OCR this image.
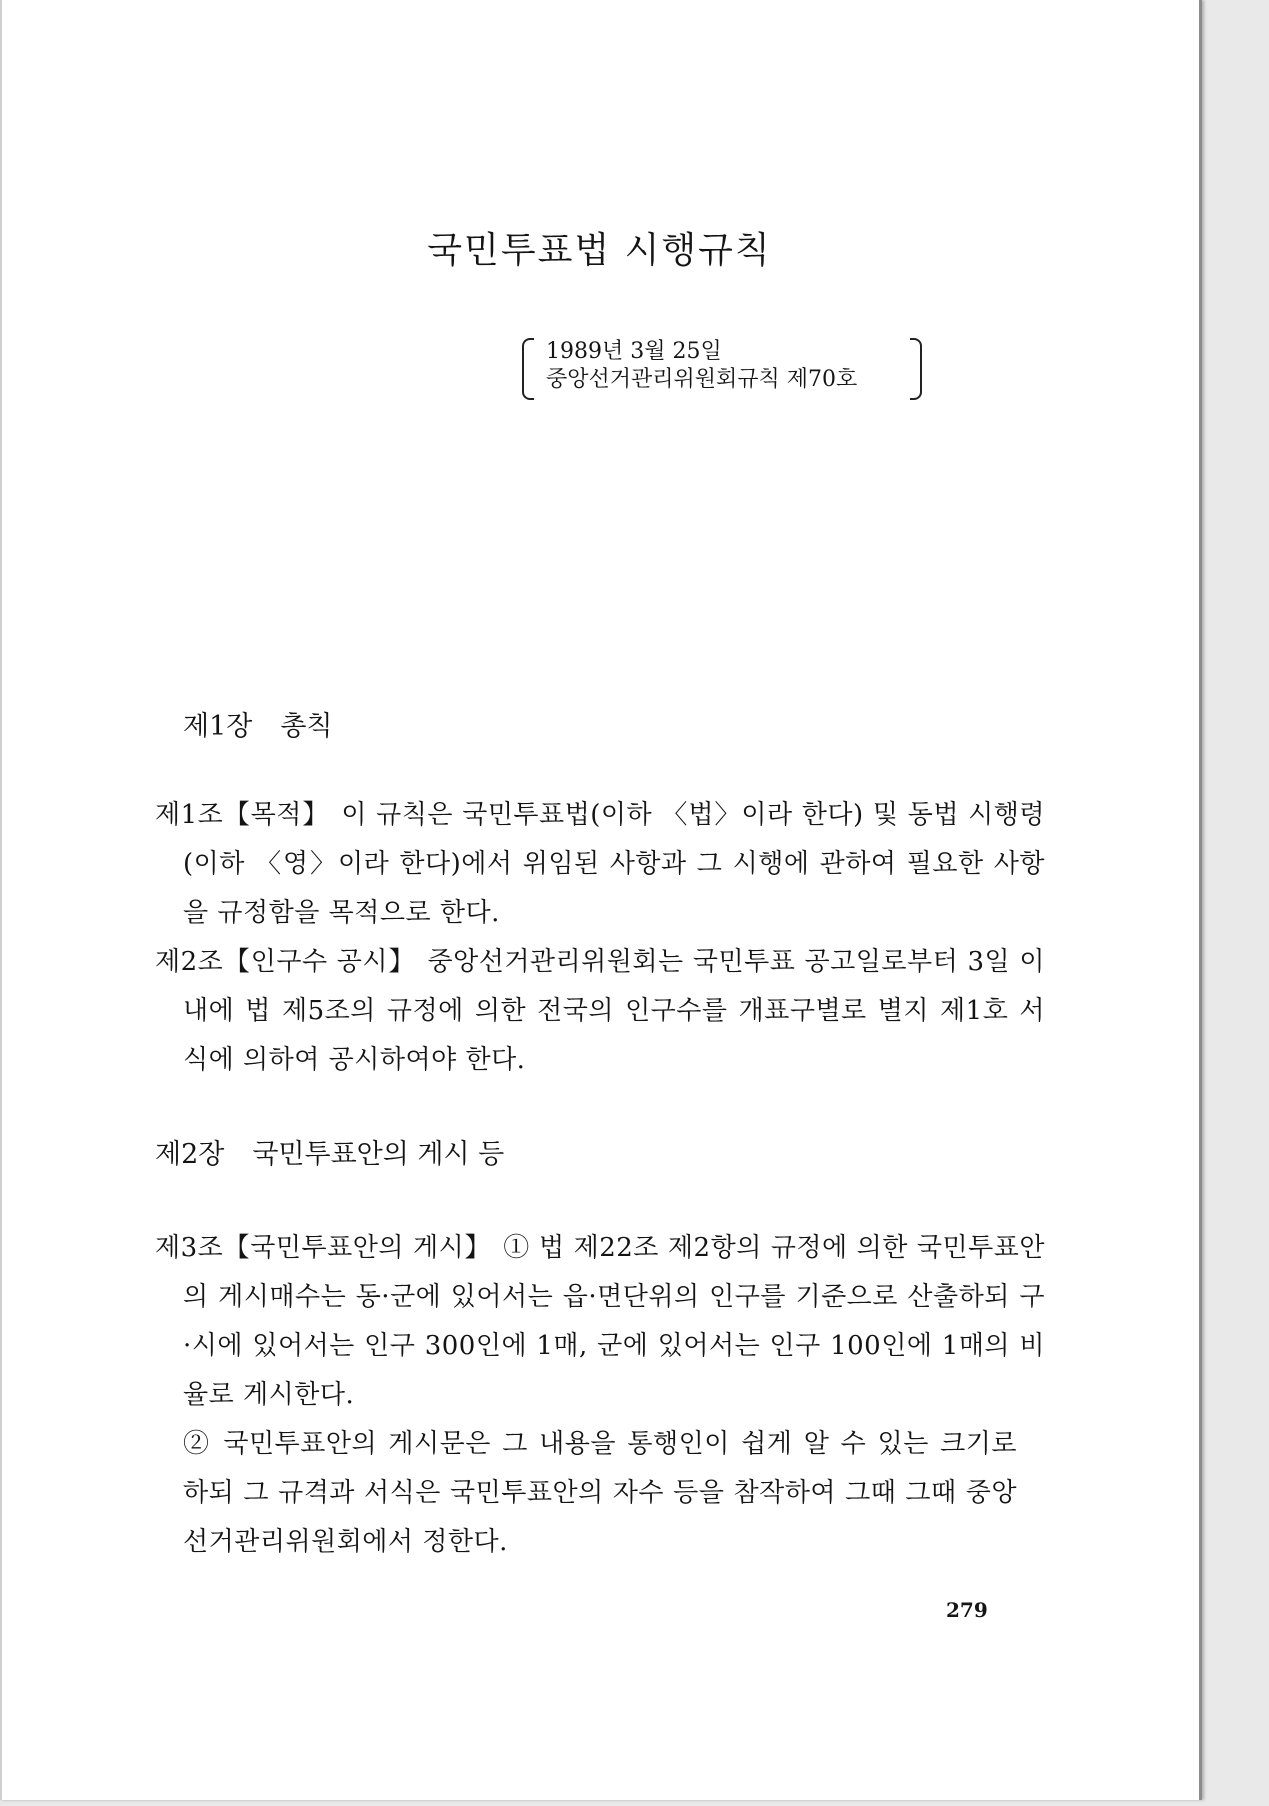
국민투표법 시행규칙
1989년 3월 25일
중앙선거관리위원회규칙 제70호
제1장 총칙

제1조【목적】 이 규칙은 국민투표법(이하 〈법〉이라 한다) 및 동법 시행령(이하 〈영〉이라 한다)에서 위임된 사항과 그 시행에 관하여 필요한 사항을 규정함을 목적으로 한다.

제2조【인구수 공시】 중앙선거관리위원회는 국민투표 공고일로부터 3일 이내에 법 제5조의 규정에 의한 전국의 인구수를 개표구별로 별지 제1호 서식에 의하여 공시하여야 한다.

제2장 국민투표안의 게시 등

제3조【국민투표안의 게시】 ① 법 제22조 제2항의 규정에 의한 국민투표안의 게시매수는 동·군에 있어서는 읍·면단위의 인구를 기준으로 산출하되 구·시에 있어서는 인구 300인에 1매, 군에 있어서는 인구 100인에 1매의 비율로 게시한다.

② 국민투표안의 게시문은 그 내용을 통행인이 쉽게 알 수 있는 크기로 하되 그 규격과 서식은 국민투표안의 자수 등을 참작하여 그때 그때 중앙선거관리위원회에서 정한다.

279
